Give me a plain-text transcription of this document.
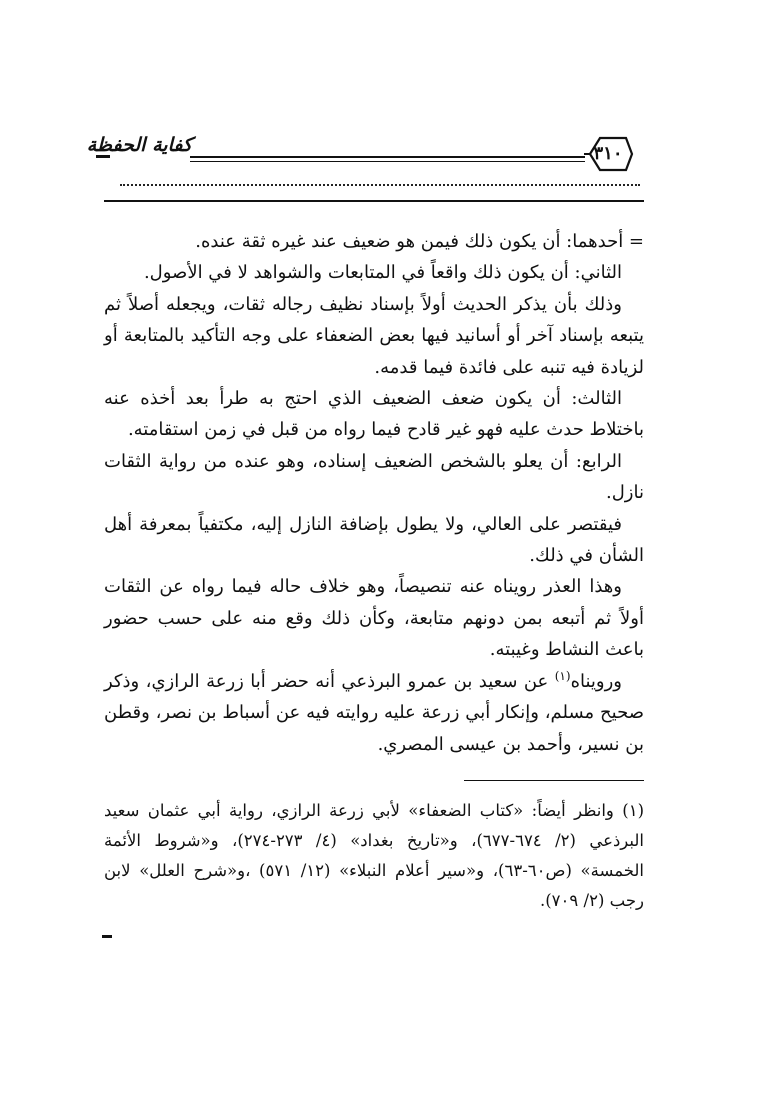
٣١٠
كفاية الحفظة

= أحدهما: أن يكون ذلك فيمن هو ضعيف عند غيره ثقة عنده.

الثاني: أن يكون ذلك واقعاً في المتابعات والشواهد لا في الأصول.

وذلك بأن يذكر الحديث أولاً بإسناد نظيف رجاله ثقات، ويجعله أصلاً ثم يتبعه بإسناد آخر أو أسانيد فيها بعض الضعفاء على وجه التأكيد بالمتابعة أو لزيادة فيه تنبه على فائدة فيما قدمه.

الثالث: أن يكون ضعف الضعيف الذي احتج به طرأ بعد أخذه عنه باختلاط حدث عليه فهو غير قادح فيما رواه من قبل في زمن استقامته.

الرابع: أن يعلو بالشخص الضعيف إسناده، وهو عنده من رواية الثقات نازل.

فيقتصر على العالي، ولا يطول بإضافة النازل إليه، مكتفياً بمعرفة أهل الشأن في ذلك.

وهذا العذر رويناه عنه تنصيصاً، وهو خلاف حاله فيما رواه عن الثقات أولاً ثم أتبعه بمن دونهم متابعة، وكأن ذلك وقع منه على حسب حضور باعث النشاط وغيبته.

ورويناه$^{(١)}$ عن سعيد بن عمرو البرذعي أنه حضر أبا زرعة الرازي، وذكر صحيح مسلم، وإنكار أبي زرعة عليه روايته فيه عن أسباط بن نصر، وقطن بن نسير، وأحمد بن عيسى المصري.

(١) وانظر أيضاً: «كتاب الضعفاء» لأبي زرعة الرازي، رواية أبي عثمان سعيد البرذعي (٢/ ٦٧٤-٦٧٧)، و«تاريخ بغداد» (٤/ ٢٧٣-٢٧٤)، و«شروط الأئمة الخمسة» (ص٦٠-٦٣)، و«سير أعلام النبلاء» (١٢/ ٥٧١) ،و«شرح العلل» لابن رجب (٢/ ٧٠٩).
